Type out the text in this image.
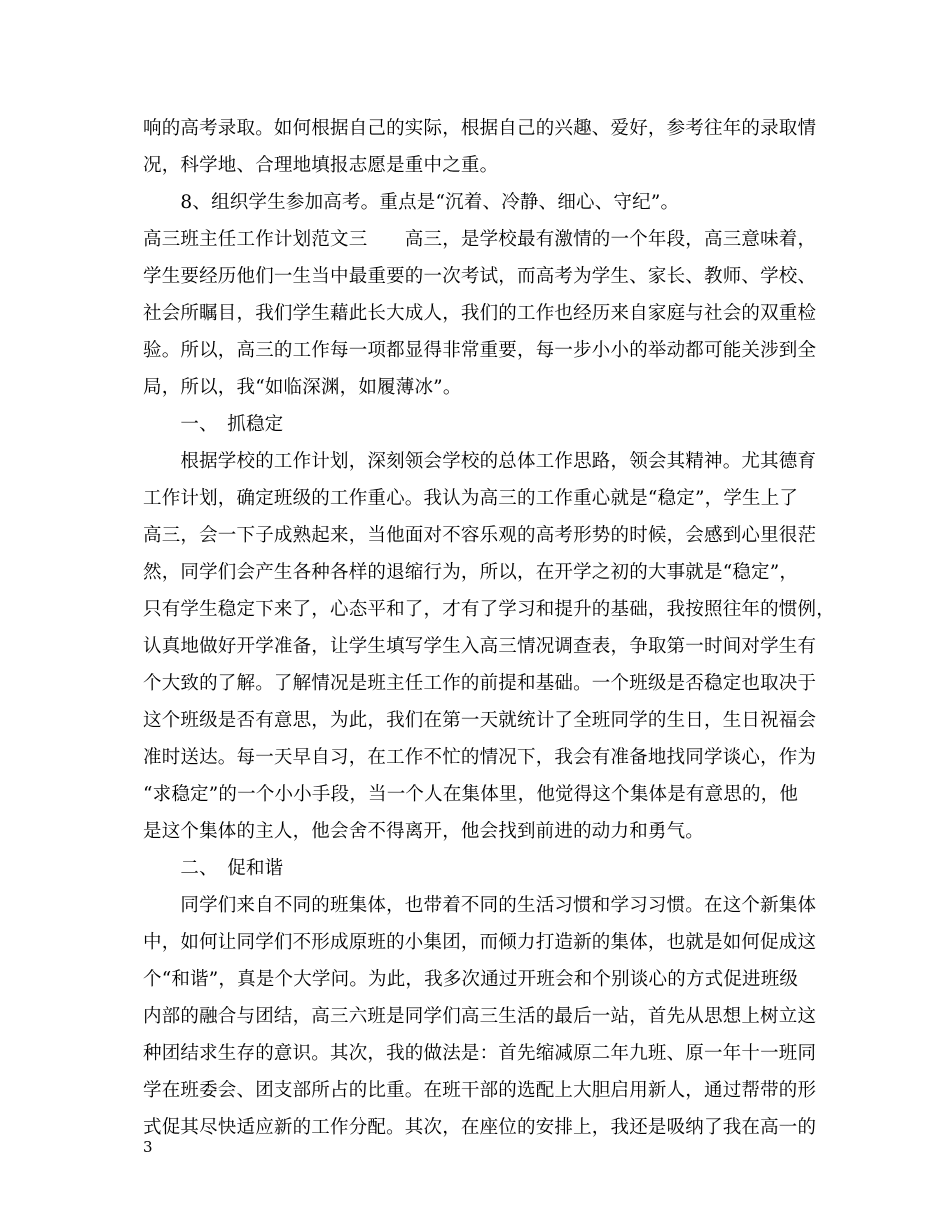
响的高考录取。如何根据自己的实际，根据自己的兴趣、爱好，参考往年的录取情
况，科学地、合理地填报志愿是重中之重。
　　8、组织学生参加高考。重点是“沉着、冷静、细心、守纪”。
高三班主任工作计划范文三　　高三，是学校最有激情的一个年段，高三意味着，
学生要经历他们一生当中最重要的一次考试，而高考为学生、家长、教师、学校、
社会所瞩目，我们学生藉此长大成人，我们的工作也经历来自家庭与社会的双重检
验。所以，高三的工作每一项都显得非常重要，每一步小小的举动都可能关涉到全
局，所以，我“如临深渊，如履薄冰”。
　　一、　抓稳定
　　根据学校的工作计划，深刻领会学校的总体工作思路，领会其精神。尤其德育
工作计划，确定班级的工作重心。我认为高三的工作重心就是“稳定”，学生上了
高三，会一下子成熟起来，当他面对不容乐观的高考形势的时候，会感到心里很茫
然，同学们会产生各种各样的退缩行为，所以，在开学之初的大事就是“稳定”，
只有学生稳定下来了，心态平和了，才有了学习和提升的基础，我按照往年的惯例，
认真地做好开学准备，让学生填写学生入高三情况调查表，争取第一时间对学生有
个大致的了解。了解情况是班主任工作的前提和基础。一个班级是否稳定也取决于
这个班级是否有意思，为此，我们在第一天就统计了全班同学的生日，生日祝福会
准时送达。每一天早自习，在工作不忙的情况下，我会有准备地找同学谈心，作为
“求稳定”的一个小小手段，当一个人在集体里，他觉得这个集体是有意思的，他
是这个集体的主人，他会舍不得离开，他会找到前进的动力和勇气。
　　二、　促和谐
　　同学们来自不同的班集体，也带着不同的生活习惯和学习习惯。在这个新集体
中，如何让同学们不形成原班的小集团，而倾力打造新的集体，也就是如何促成这
个“和谐”，真是个大学问。为此，我多次通过开班会和个别谈心的方式促进班级
内部的融合与团结，高三六班是同学们高三生活的最后一站，首先从思想上树立这
种团结求生存的意识。其次，我的做法是：首先缩减原二年九班、原一年十一班同
学在班委会、团支部所占的比重。在班干部的选配上大胆启用新人，通过帮带的形
式促其尽快适应新的工作分配。其次，在座位的安排上，我还是吸纳了我在高一的
3
